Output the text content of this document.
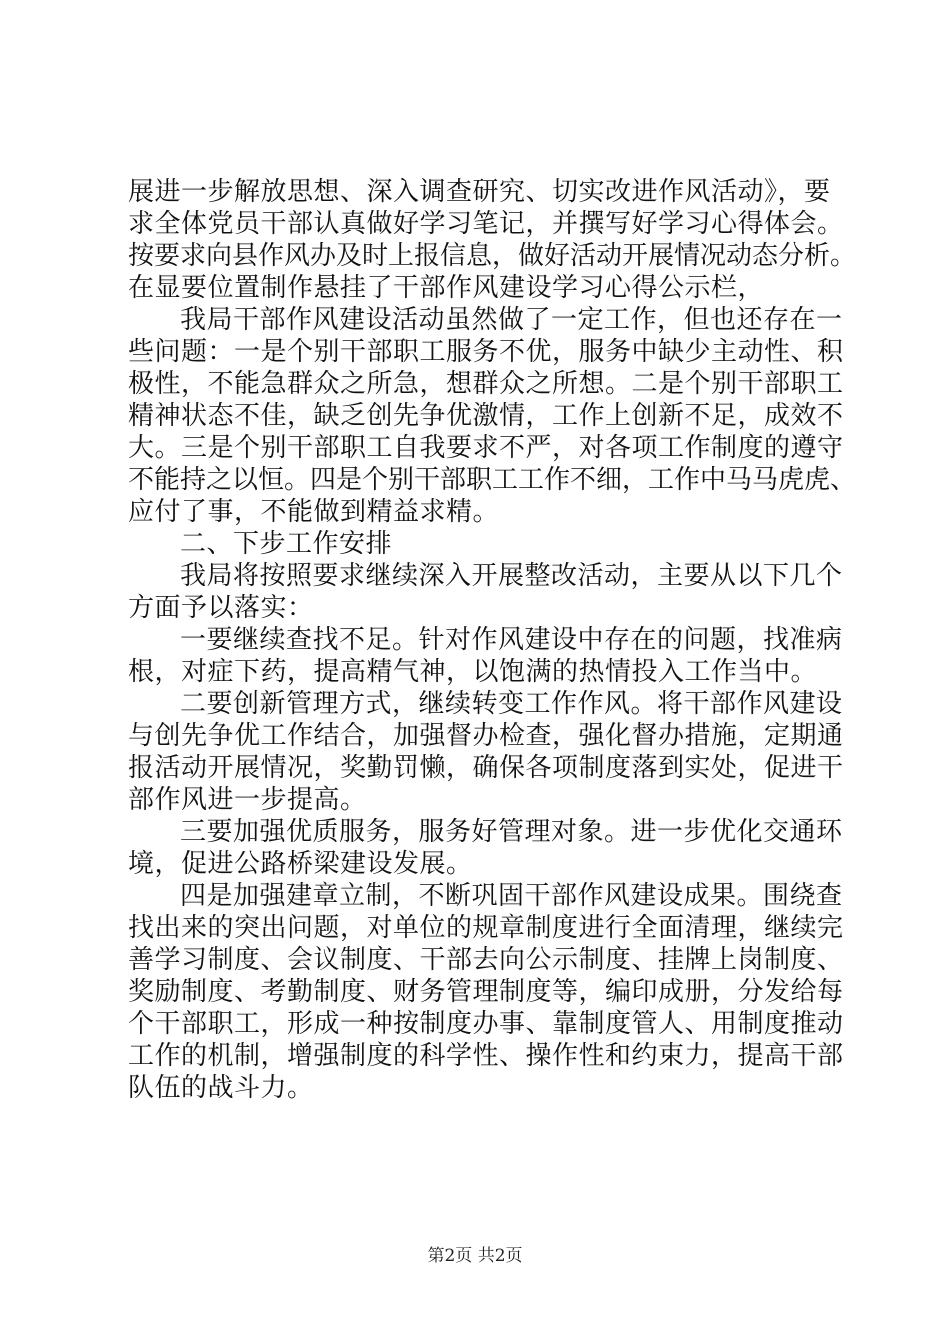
展进一步解放思想、深入调查研究、切实改进作风活动》，要
求全体党员干部认真做好学习笔记，并撰写好学习心得体会。
按要求向县作风办及时上报信息，做好活动开展情况动态分析。
在显要位置制作悬挂了干部作风建设学习心得公示栏，
我局干部作风建设活动虽然做了一定工作，但也还存在一
些问题：一是个别干部职工服务不优，服务中缺少主动性、积
极性，不能急群众之所急，想群众之所想。二是个别干部职工
精神状态不佳，缺乏创先争优激情，工作上创新不足，成效不
大。三是个别干部职工自我要求不严，对各项工作制度的遵守
不能持之以恒。四是个别干部职工工作不细，工作中马马虎虎、
应付了事，不能做到精益求精。
二、下步工作安排
我局将按照要求继续深入开展整改活动，主要从以下几个
方面予以落实：
一要继续查找不足。针对作风建设中存在的问题，找准病
根，对症下药，提高精气神，以饱满的热情投入工作当中。
二要创新管理方式，继续转变工作作风。将干部作风建设
与创先争优工作结合，加强督办检查，强化督办措施，定期通
报活动开展情况，奖勤罚懒，确保各项制度落到实处，促进干
部作风进一步提高。
三要加强优质服务，服务好管理对象。进一步优化交通环
境，促进公路桥梁建设发展。
四是加强建章立制，不断巩固干部作风建设成果。围绕查
找出来的突出问题，对单位的规章制度进行全面清理，继续完
善学习制度、会议制度、干部去向公示制度、挂牌上岗制度、
奖励制度、考勤制度、财务管理制度等，编印成册，分发给每
个干部职工，形成一种按制度办事、靠制度管人、用制度推动
工作的机制，增强制度的科学性、操作性和约束力，提高干部
队伍的战斗力。
第2页 共2页
